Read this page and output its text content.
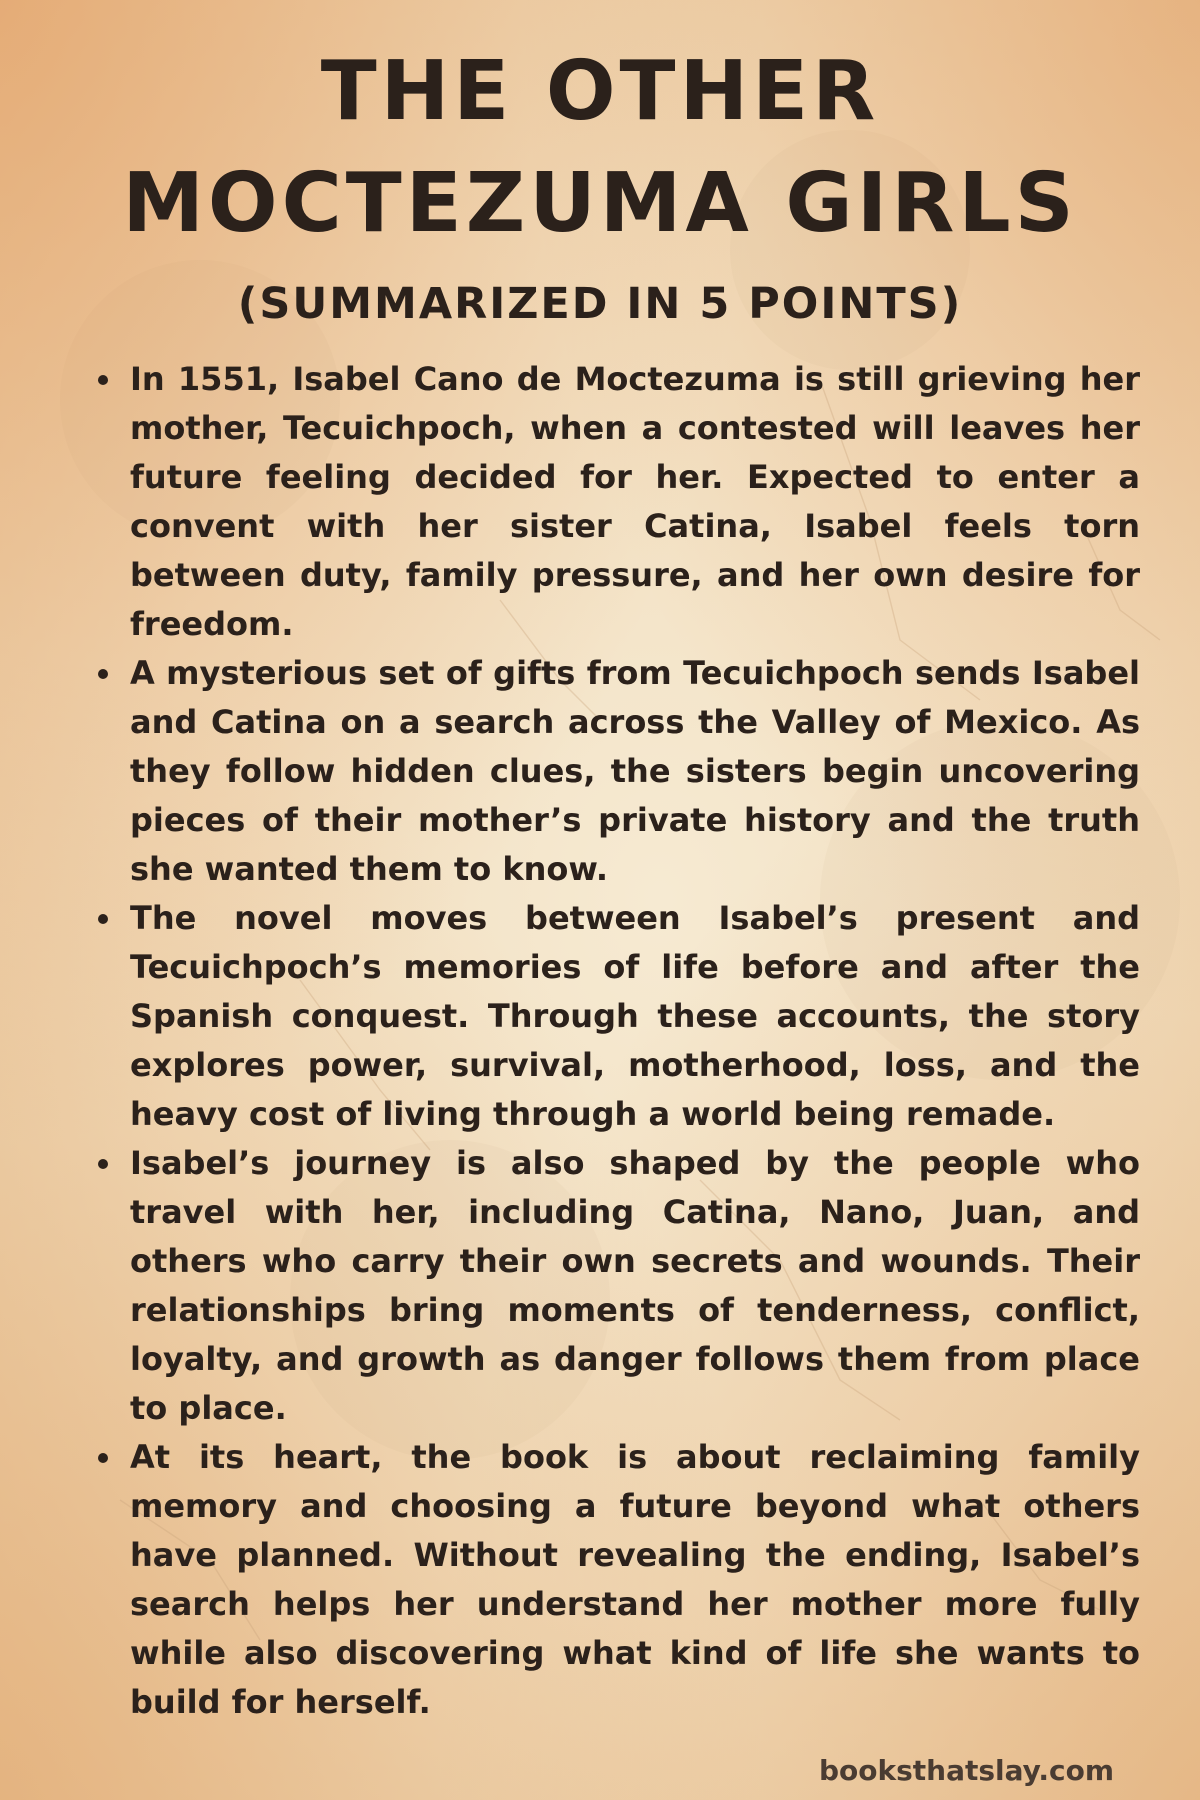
THE OTHER
MOCTEZUMA GIRLS
(SUMMARIZED IN 5 POINTS)
In 1551, Isabel Cano de Moctezuma is still grieving her mother, Tecuichpoch, when a contested will leaves her future feeling decided for her. Expected to enter a convent with her sister Catina, Isabel feels torn between duty, family pressure, and her own desire for freedom.
A mysterious set of gifts from Tecuichpoch sends Isabel and Catina on a search across the Valley of Mexico. As they follow hidden clues, the sisters begin uncovering pieces of their mother’s private history and the truth she wanted them to know.
The novel moves between Isabel’s present and Tecuichpoch’s memories of life before and after the Spanish conquest. Through these accounts, the story explores power, survival, motherhood, loss, and the heavy cost of living through a world being remade.
Isabel’s journey is also shaped by the people who travel with her, including Catina, Nano, Juan, and others who carry their own secrets and wounds. Their relationships bring moments of tenderness, conflict, loyalty, and growth as danger follows them from place to place.
At its heart, the book is about reclaiming family memory and choosing a future beyond what others have planned. Without revealing the ending, Isabel’s search helps her understand her mother more fully while also discovering what kind of life she wants to build for herself.

booksthatslay.com
